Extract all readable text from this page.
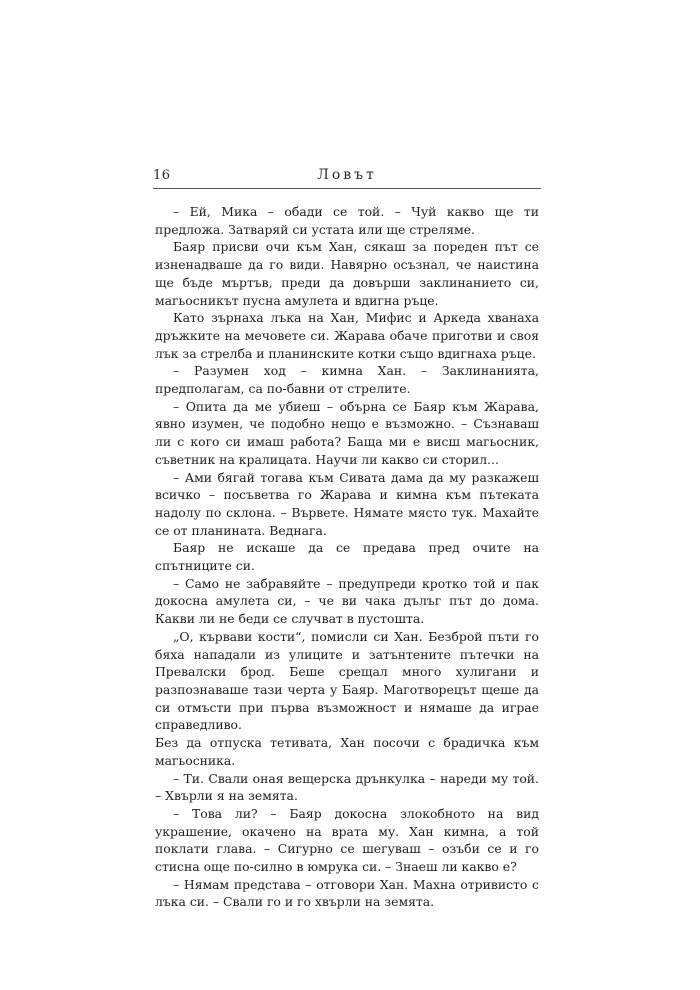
16	Ловът

– Ей, Мика – обади се той. – Чуй какво ще ти предложа. Затваряй си устата или ще стреляме.

Баяр присви очи към Хан, сякаш за пореден път се изненадваше да го види. Навярно осъзнал, че наистина ще бъде мъртъв, преди да довърши заклинанието си, магьосникът пусна амулета и вдигна ръце.

Като зърнаха лъка на Хан, Мифис и Аркеда хванаха дръжките на мечовете си. Жарава обаче приготви и своя лък за стрелба и планинските котки също вдигнаха ръце.

– Разумен ход – кимна Хан. – Заклинанията, предполагам, са по-бавни от стрелите.

– Опита да ме убиеш – обърна се Баяр към Жарава, явно изумен, че подобно нещо е възможно. – Съзнаваш ли с кого си имаш работа? Баща ми е висш магьосник, съветник на кралицата. Научи ли какво си сторил...

– Ами бягай тогава към Сивата дама да му разкажеш всичко – посъветва го Жарава и кимна към пътеката надолу по склона. – Вървете. Нямате място тук. Махайте се от планината. Веднага.

Баяр не искаше да се предава пред очите на спътниците си.

– Само не забравяйте – предупреди кротко той и пак докосна амулета си, – че ви чака дълъг път до дома. Какви ли не беди се случват в пустошта.

„О, кървави кости“, помисли си Хан. Безброй пъти го бяха нападали из улиците и затънтените пътечки на Превалски брод. Беше срещал много хулигани и разпознаваше тази черта у Баяр. Маготворецът щеше да си отмъсти при първа възможност и нямаше да играе справедливо.

Без да отпуска тетивата, Хан посочи с брадичка към магьосника.

– Ти. Свали оная вещерска дрънкулка – нареди му той. – Хвърли я на земята.

– Това ли? – Баяр докосна злокобното на вид украшение, окачено на врата му. Хан кимна, а той поклати глава. – Сигурно се шегуваш – озъби се и го стисна още по-силно в юмрука си. – Знаеш ли какво е?

– Нямам представа – отговори Хан. Махна отривисто с лъка си. – Свали го и го хвърли на земята.
